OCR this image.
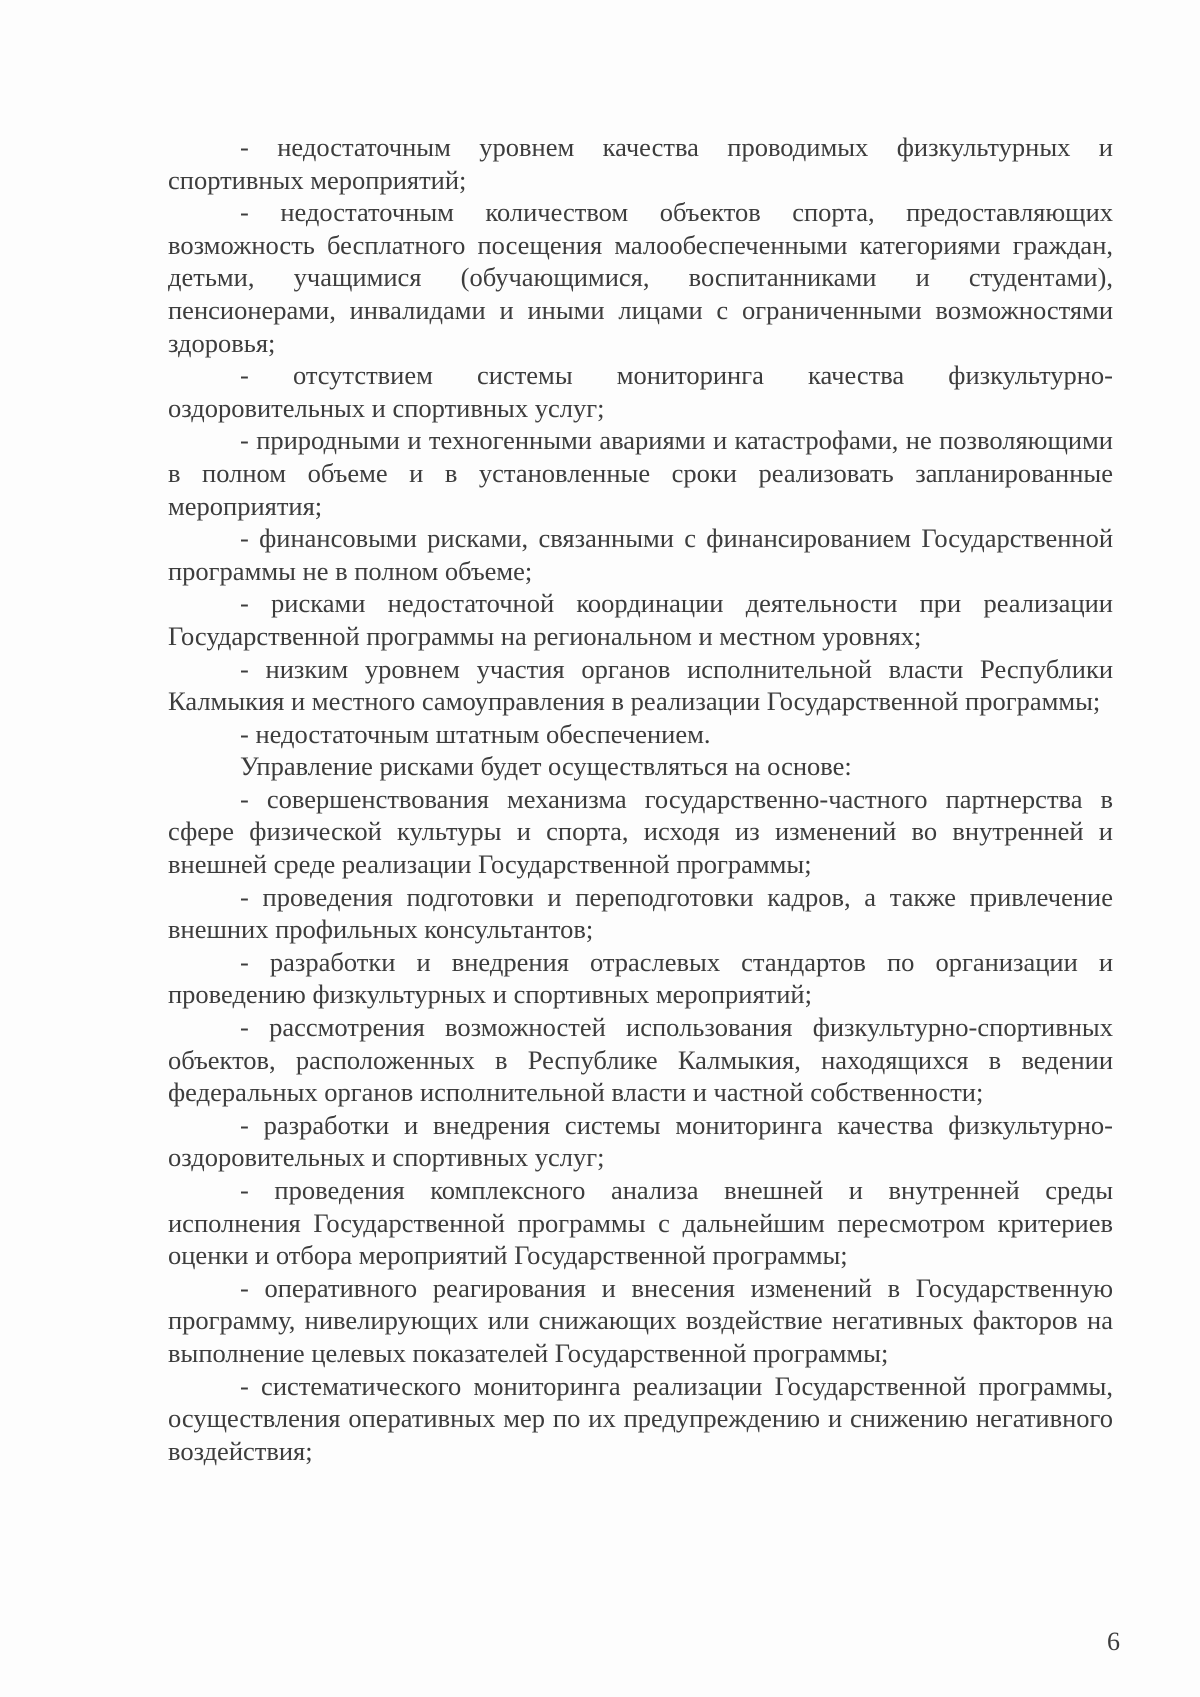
- недостаточным уровнем качества проводимых физкультурных и спортивных мероприятий;

- недостаточным количеством объектов спорта, предоставляющих возможность бесплатного посещения малообеспеченными категориями граждан, детьми, учащимися (обучающимися, воспитанниками и студентами), пенсионерами, инвалидами и иными лицами с ограниченными возможностями здоровья;

- отсутствием системы мониторинга качества физкультурно-оздоровительных и спортивных услуг;

- природными и техногенными авариями и катастрофами, не позволяющими в полном объеме и в установленные сроки реализовать запланированные мероприятия;

- финансовыми рисками, связанными с финансированием Государственной программы не в полном объеме;

- рисками недостаточной координации деятельности при реализации Государственной программы на региональном и местном уровнях;

- низким уровнем участия органов исполнительной власти Республики Калмыкия и местного самоуправления в реализации Государственной программы;

- недостаточным штатным обеспечением.

Управление рисками будет осуществляться на основе:

- совершенствования механизма государственно-частного партнерства в сфере физической культуры и спорта, исходя из изменений во внутренней и внешней среде реализации Государственной программы;

- проведения подготовки и переподготовки кадров, а также привлечение внешних профильных консультантов;

- разработки и внедрения отраслевых стандартов по организации и проведению физкультурных и спортивных мероприятий;

- рассмотрения возможностей использования физкультурно-спортивных объектов, расположенных в Республике Калмыкия, находящихся в ведении федеральных органов исполнительной власти и частной собственности;

- разработки и внедрения системы мониторинга качества физкультурно-оздоровительных и спортивных услуг;

- проведения комплексного анализа внешней и внутренней среды исполнения Государственной программы с дальнейшим пересмотром критериев оценки и отбора мероприятий Государственной программы;

- оперативного реагирования и внесения изменений в Государственную программу, нивелирующих или снижающих воздействие негативных факторов на выполнение целевых показателей Государственной программы;

- систематического мониторинга реализации Государственной программы, осуществления оперативных мер по их предупреждению и снижению негативного воздействия;

6
